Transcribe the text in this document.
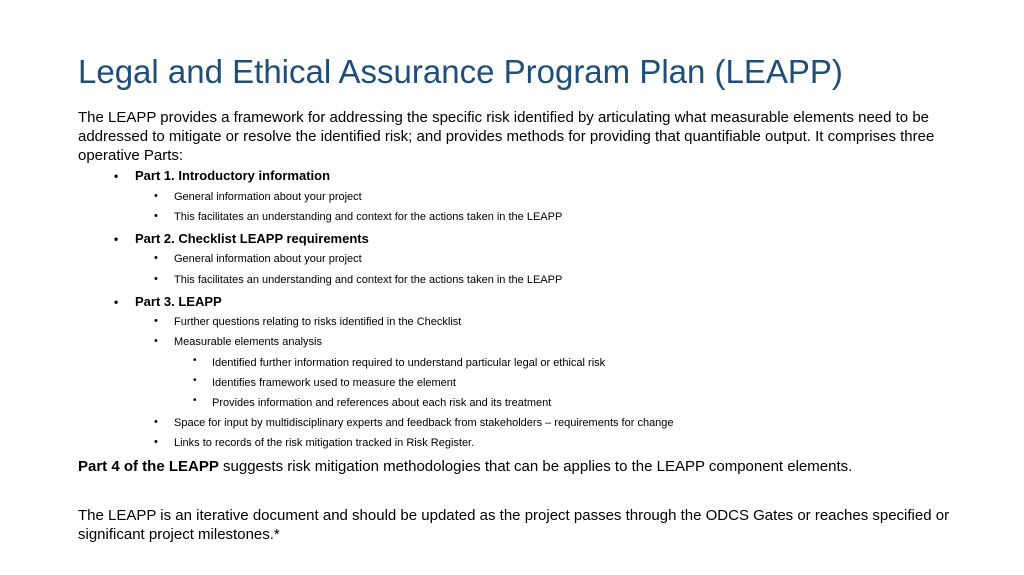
Legal and Ethical Assurance Program Plan (LEAPP)

The LEAPP provides a framework for addressing the specific risk identified by articulating what measurable elements need to be addressed to mitigate or resolve the identified risk; and provides methods for providing that quantifiable output. It comprises three operative Parts:

• Part 1. Introductory information
• General information about your project
• This facilitates an understanding and context for the actions taken in the LEAPP
• Part 2. Checklist LEAPP requirements
• General information about your project
• This facilitates an understanding and context for the actions taken in the LEAPP
• Part 3. LEAPP
• Further questions relating to risks identified in the Checklist
• Measurable elements analysis
• Identified further information required to understand particular legal or ethical risk
• Identifies framework used to measure the element
• Provides information and references about each risk and its treatment
• Space for input by multidisciplinary experts and feedback from stakeholders – requirements for change
• Links to records of the risk mitigation tracked in Risk Register.

Part 4 of the LEAPP suggests risk mitigation methodologies that can be applies to the LEAPP component elements.

The LEAPP is an iterative document and should be updated as the project passes through the ODCS Gates or reaches specified or significant project milestones.*
